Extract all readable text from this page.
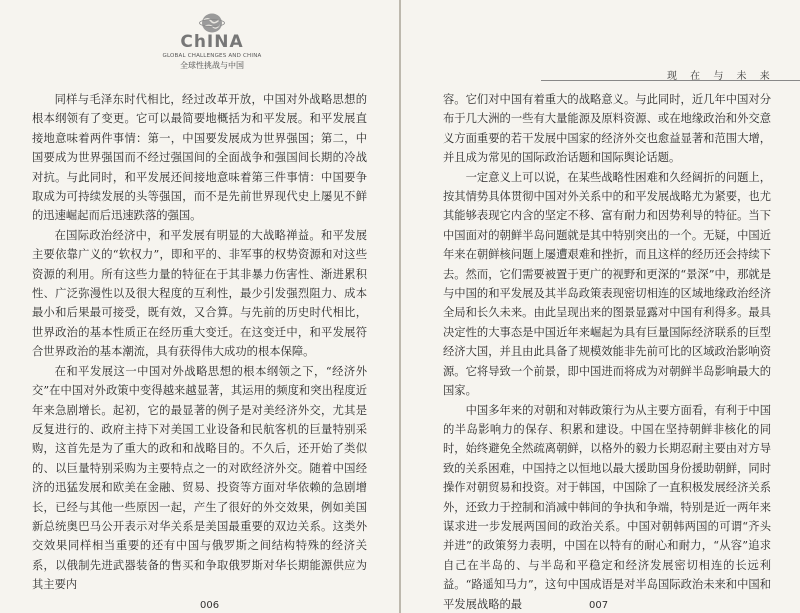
ChINA
GLOBAL CHALLENGES AND CHINA
全球性挑战与中国

同样与毛泽东时代相比，经过改革开放，中国对外战略思想的根本纲领有了变更。它可以最简要地概括为和平发展。和平发展直接地意味着两件事情：第一，中国要发展成为世界强国；第二，中国要成为世界强国而不经过强国间的全面战争和强国间长期的冷战对抗。与此同时，和平发展还间接地意味着第三件事情：中国要争取成为可持续发展的头等强国，而不是先前世界现代史上屡见不鲜的迅速崛起而后迅速跌落的强国。

在国际政治经济中，和平发展有明显的大战略禅益。和平发展主要依靠广义的“软权力”，即和平的、非军事的权势资源和对这些资源的利用。所有这些力量的特征在于其非暴力伤害性、渐进累积性、广泛弥漫性以及很大程度的互利性，最少引发强烈阻力、成本最小和后果最可接受，既有效，又合算。与先前的历史时代相比，世界政治的基本性质正在经历重大变迁。在这变迁中，和平发展符合世界政治的基本潮流，具有获得伟大成功的根本保障。

在和平发展这一中国对外战略思想的根本纲领之下，“经济外交”在中国对外政策中变得越来越显著，其运用的频度和突出程度近年来急剧增长。起初，它的最显著的例子是对美经济外交，尤其是反复进行的、政府主持下对美国工业设备和民航客机的巨量特别采购，这首先是为了重大的政和和战略目的。不久后，还开始了类似的、以巨量特别采购为主要特点之一的对欧经济外交。随着中国经济的迅猛发展和欧美在金融、贸易、投资等方面对华依赖的急剧增长，已经与其他一些原因一起，产生了很好的外交效果，例如美国新总统奥巴马公开表示对华关系是美国最重要的双边关系。这类外交效果同样相当重要的还有中国与俄罗斯之间结构特殊的经济关系，以俄制先进武器装备的售买和争取俄罗斯对华长期能源供应为其主要内

006
现 在 与 未 来

容。它们对中国有着重大的战略意义。与此同时，近几年中国对分布于几大洲的一些有大量能源及原料资源、或在地缘政治和外交意义方面重要的若干发展中国家的经济外交也愈益显著和范围大增，并且成为常见的国际政治话题和国际舆论话题。

一定意义上可以说，在某些战略性困难和久经阔折的问题上，按其情势具体贯彻中国对外关系中的和平发展战略尤为紧要，也尤其能够表现它内含的坚定不移、富有耐力和因势利导的特征。当下中国面对的朝鲜半岛问题就是其中特别突出的一个。无疑，中国近年来在朝鲜核问题上屡遭艰难和挫折，而且这样的经历还会持续下去。然而，它们需要被置于更广的视野和更深的“景深”中，那就是与中国的和平发展及其半岛政策表现密切相连的区域地缘政治经济全局和长久未来。由此呈现出来的图景显露对中国有利得多。最具决定性的大事态是中国近年来崛起为具有巨量国际经济联系的巨型经济大国，并且由此具备了规模效能非先前可比的区域政治影响资源。它将导致一个前景，即中国进而将成为对朝鲜半岛影响最大的国家。

中国多年来的对朝和对韩政策行为从主要方面看，有利于中国的半岛影响力的保存、积累和建设。中国在坚持朝鲜非核化的同时，始终避免全然疏离朝鲜，以格外的毅力长期忍耐主要由对方导致的关系困难，中国持之以恒地以最大援助国身份援助朝鲜，同时操作对朝贸易和投资。对于韩国，中国除了一直积极发展经济关系外，还致力于控制和消减中韩间的争执和争端，特别是近一两年来谋求进一步发展两国间的政治关系。中国对朝韩两国的可谓“齐头并进”的政策努力表明，中国在以特有的耐心和耐力，“从容”追求自己在半岛的、与半岛和平稳定和经济发展密切相连的长远利益。“路遥知马力”，这句中国成语是对半岛国际政治未来和中国和平发展战略的最	007
